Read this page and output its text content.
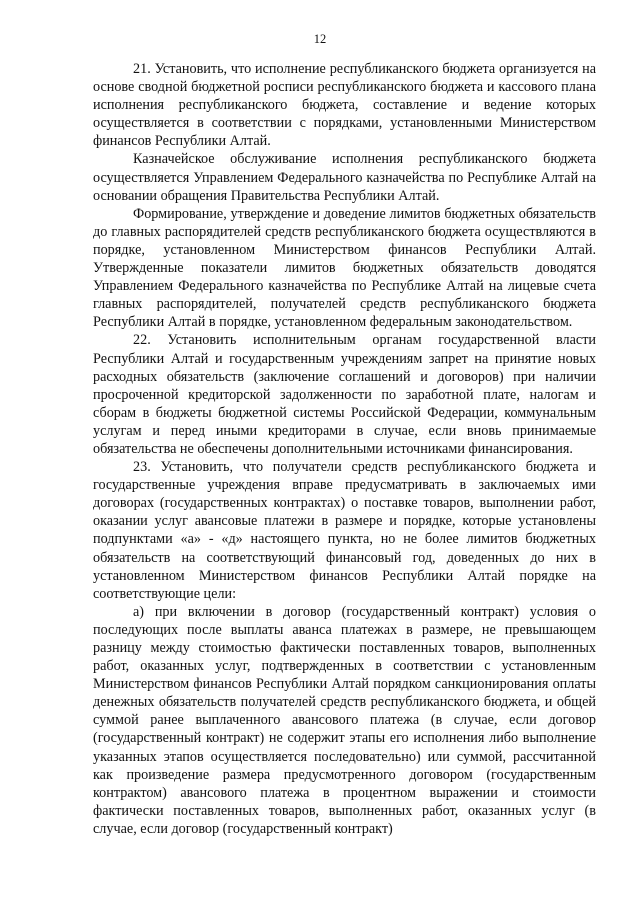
12

21. Установить, что исполнение республиканского бюджета организуется на основе сводной бюджетной росписи республиканского бюджета и кассового плана исполнения республиканского бюджета, составление и ведение которых осуществляется в соответствии с порядками, установленными Министерством финансов Республики Алтай.

Казначейское обслуживание исполнения республиканского бюджета осуществляется Управлением Федерального казначейства по Республике Алтай на основании обращения Правительства Республики Алтай.

Формирование, утверждение и доведение лимитов бюджетных обязательств до главных распорядителей средств республиканского бюджета осуществляются в порядке, установленном Министерством финансов Республики Алтай. Утвержденные показатели лимитов бюджетных обязательств доводятся Управлением Федерального казначейства по Республике Алтай на лицевые счета главных распорядителей, получателей средств республиканского бюджета Республики Алтай в порядке, установленном федеральным законодательством.

22. Установить исполнительным органам государственной власти Республики Алтай и государственным учреждениям запрет на принятие новых расходных обязательств (заключение соглашений и договоров) при наличии просроченной кредиторской задолженности по заработной плате, налогам и сборам в бюджеты бюджетной системы Российской Федерации, коммунальным услугам и перед иными кредиторами в случае, если вновь принимаемые обязательства не обеспечены дополнительными источниками финансирования.

23. Установить, что получатели средств республиканского бюджета и государственные учреждения вправе предусматривать в заключаемых ими договорах (государственных контрактах) о поставке товаров, выполнении работ, оказании услуг авансовые платежи в размере и порядке, которые установлены подпунктами «а» - «д» настоящего пункта, но не более лимитов бюджетных обязательств на соответствующий финансовый год, доведенных до них в установленном Министерством финансов Республики Алтай порядке на соответствующие цели:

а) при включении в договор (государственный контракт) условия о последующих после выплаты аванса платежах в размере, не превышающем разницу между стоимостью фактически поставленных товаров, выполненных работ, оказанных услуг, подтвержденных в соответствии с установленным Министерством финансов Республики Алтай порядком санкционирования оплаты денежных обязательств получателей средств республиканского бюджета, и общей суммой ранее выплаченного авансового платежа (в случае, если договор (государственный контракт) не содержит этапы его исполнения либо выполнение указанных этапов осуществляется последовательно) или суммой, рассчитанной как произведение размера предусмотренного договором (государственным контрактом) авансового платежа в процентном выражении и стоимости фактически поставленных товаров, выполненных работ, оказанных услуг (в случае, если договор (государственный контракт)
